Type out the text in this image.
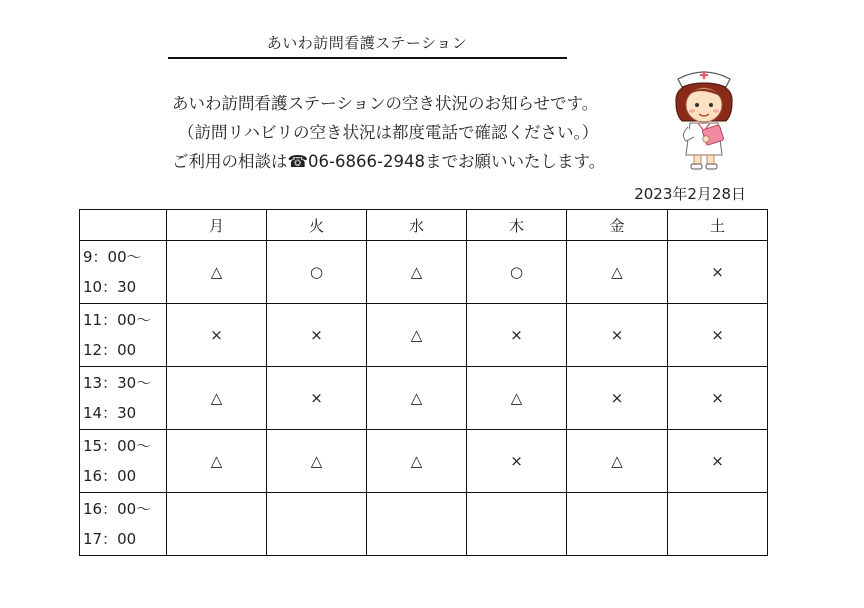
あいわ訪問看護ステーション
あいわ訪問看護ステーションの空き状況のお知らせです。
（訪問リハビリの空き状況は都度電話で確認ください。）
ご利用の相談は☎06-6866-2948までお願いいたします。
2023年2月28日
	月	火	水	木	金	土

9：00～
10：30	△	○	△	○	△	×

11：00～
12：00	×	×	△	×	×	×

13：30～
14：30	△	×	△	△	×	×

15：00～
16：00	△	△	△	×	△	×

16：00～
17：00						
